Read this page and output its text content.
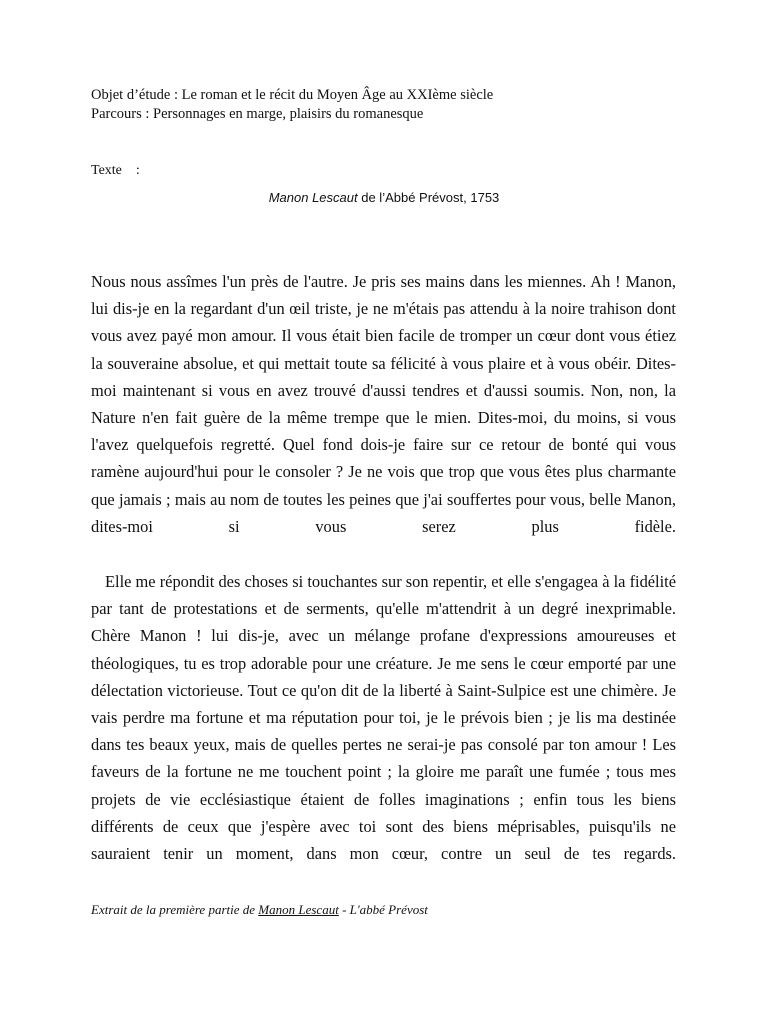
Objet d’étude : Le roman et le récit du Moyen Âge au XXIème siècle
Parcours : Personnages en marge, plaisirs du romanesque
Texte    :
Manon Lescaut de l’Abbé Prévost, 1753

Nous nous assîmes l'un près de l'autre. Je pris ses mains dans les miennes. Ah ! Manon, lui dis-je en la regardant d'un œil triste, je ne m'étais pas attendu à la noire trahison dont vous avez payé mon amour. Il vous était bien facile de tromper un cœur dont vous étiez la souveraine absolue, et qui mettait toute sa félicité à vous plaire et à vous obéir. Dites-moi maintenant si vous en avez trouvé d'aussi tendres et d'aussi soumis. Non, non, la Nature n'en fait guère de la même trempe que le mien. Dites-moi, du moins, si vous l'avez quelquefois regretté. Quel fond dois-je faire sur ce retour de bonté qui vous ramène aujourd'hui pour le consoler ? Je ne vois que trop que vous êtes plus charmante que jamais ; mais au nom de toutes les peines que j'ai souffertes pour vous, belle Manon, dites-moi si vous serez plus fidèle.

Elle me répondit des choses si touchantes sur son repentir, et elle s'engagea à la fidélité par tant de protestations et de serments, qu'elle m'attendrit à un degré inexprimable. Chère Manon ! lui dis-je, avec un mélange profane d'expressions amoureuses et théologiques, tu es trop adorable pour une créature. Je me sens le cœur emporté par une délectation victorieuse. Tout ce qu'on dit de la liberté à Saint-Sulpice est une chimère. Je vais perdre ma fortune et ma réputation pour toi, je le prévois bien ; je lis ma destinée dans tes beaux yeux, mais de quelles pertes ne serai-je pas consolé par ton amour ! Les faveurs de la fortune ne me touchent point ; la gloire me paraît une fumée ; tous mes projets de vie ecclésiastique étaient de folles imaginations ; enfin tous les biens différents de ceux que j'espère avec toi sont des biens méprisables, puisqu'ils ne sauraient tenir un moment, dans mon cœur, contre un seul de tes regards.

Extrait de la première partie de Manon Lescaut - L'abbé Prévost
